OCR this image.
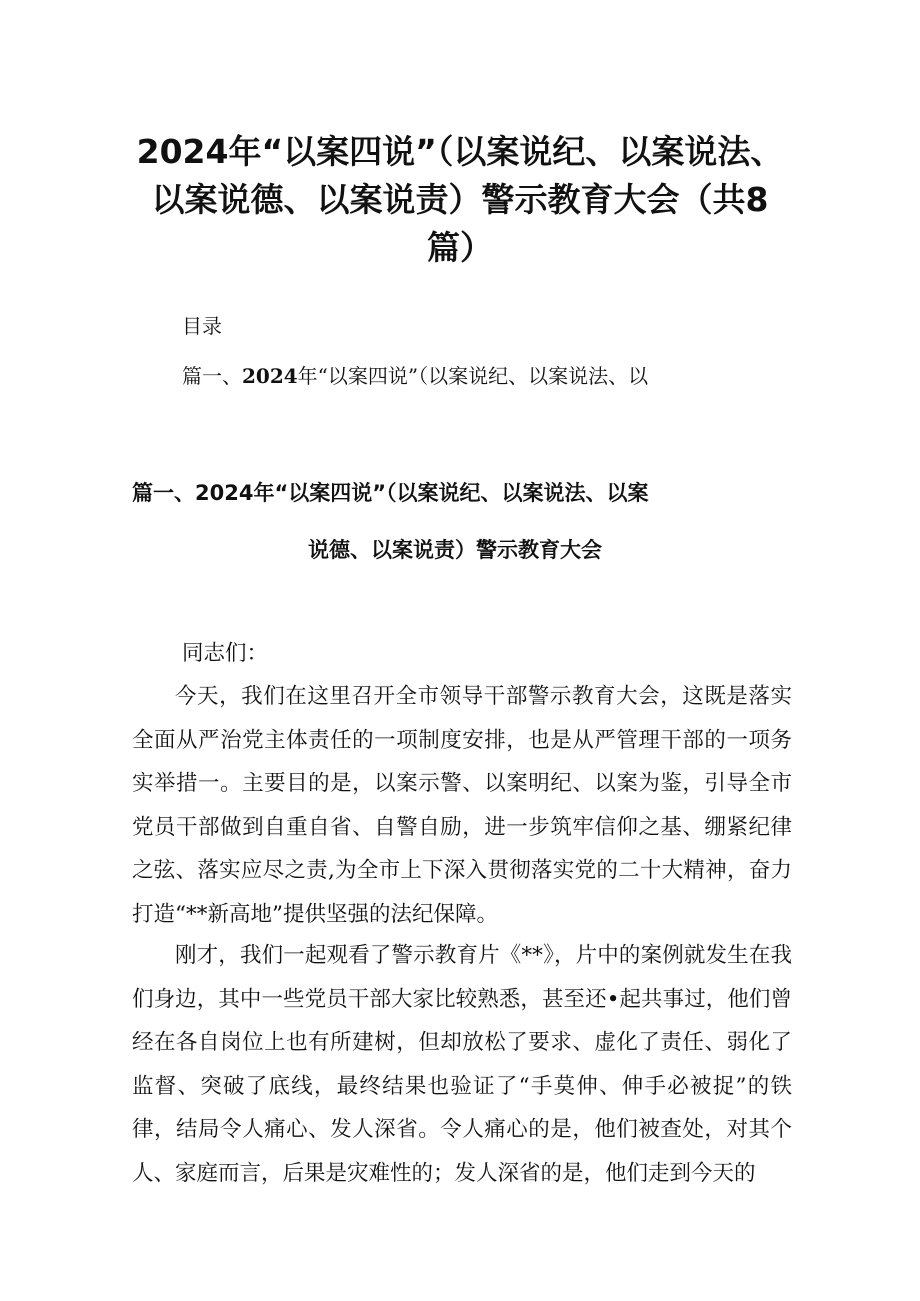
2024年“以案四说”（以案说纪、以案说法、
以案说德、以案说责）警示教育大会（共8
篇）
目录
篇一、2024年“以案四说”（以案说纪、以案说法、以
篇一、2024年“以案四说”（以案说纪、以案说法、以案
说德、以案说责）警示教育大会
同志们：
今天，我们在这里召开全市领导干部警示教育大会，这既是落实全面从严治党主体责任的一项制度安排，也是从严管理干部的一项务实举措一。主要目的是，以案示警、以案明纪、以案为鉴，引导全市党员干部做到自重自省、自警自励，进一步筑牢信仰之基、绷紧纪律之弦、落实应尽之责,为全市上下深入贯彻落实党的二十大精神，奋力打造“**新高地”提供坚强的法纪保障。
刚才，我们一起观看了警示教育片《**》，片中的案例就发生在我们身边，其中一些党员干部大家比较熟悉，甚至还•起共事过，他们曾经在各自岗位上也有所建树，但却放松了要求、虚化了责任、弱化了监督、突破了底线，最终结果也验证了“手莫伸、伸手必被捉”的铁律，结局令人痛心、发人深省。令人痛心的是，他们被查处，对其个人、家庭而言，后果是灾难性的；发人深省的是，他们走到今天的
